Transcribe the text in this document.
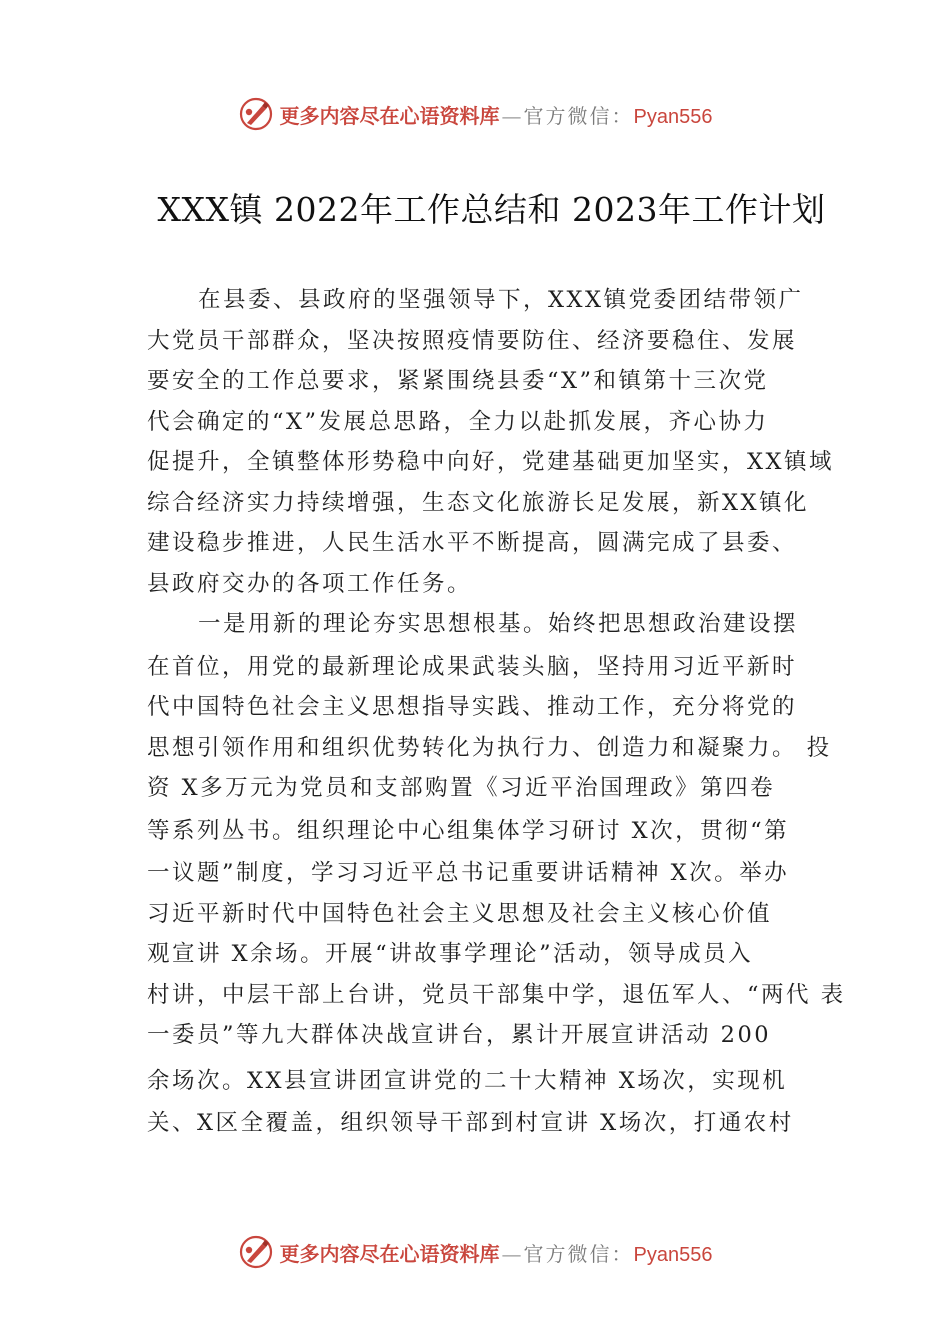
更多内容尽在心语资料库 — 官方微信： Pyan556
XXX镇 2022年工作总结和 2023年工作计划
在县委、县政府的坚强领导下，XXX镇党委团结带领广
大党员干部群众，坚决按照疫情要防住、经济要稳住、发展
要安全的工作总要求，紧紧围绕县委“X”和镇第十三次党
代会确定的“X”发展总思路，全力以赴抓发展，齐心协力
促提升，全镇整体形势稳中向好，党建基础更加坚实，XX镇域
综合经济实力持续增强，生态文化旅游长足发展，新XX镇化
建设稳步推进，人民生活水平不断提高，圆满完成了县委、
县政府交办的各项工作任务。
一是用新的理论夯实思想根基。始终把思想政治建设摆
在首位，用党的最新理论成果武装头脑，坚持用习近平新时
代中国特色社会主义思想指导实践、推动工作，充分将党的
思想引领作用和组织优势转化为执行力、创造力和凝聚力。 投
资 X多万元为党员和支部购置《习近平治国理政》第四卷
等系列丛书。组织理论中心组集体学习研讨 X次，贯彻“第
一议题”制度，学习习近平总书记重要讲话精神 X次。举办
习近平新时代中国特色社会主义思想及社会主义核心价值
观宣讲 X余场。开展“讲故事学理论”活动，领导成员入
村讲，中层干部上台讲，党员干部集中学，退伍军人、“两代 表
一委员”等九大群体决战宣讲台，累计开展宣讲活动 200
余场次。XX县宣讲团宣讲党的二十大精神 X场次，实现机
关、X区全覆盖，组织领导干部到村宣讲 X场次，打通农村
更多内容尽在心语资料库 — 官方微信： Pyan556
